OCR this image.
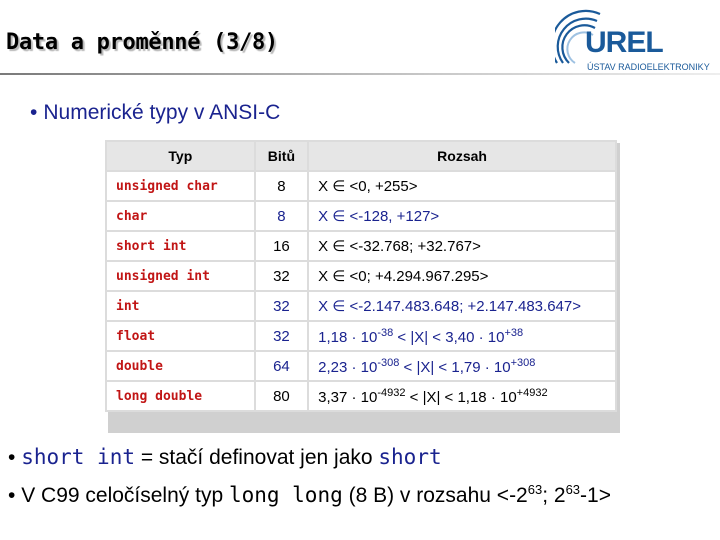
Data a proměnné (3/8)	UREL
ÚSTAV RADIOELEKTRONIKY
• Numerické typy v ANSI-C
Typ	Bitů	Rozsah
unsigned char	8	X ∈ <0, +255>
char	8	X ∈ <-128, +127>
short int	16	X ∈ <-32.768; +32.767>
unsigned int	32	X ∈ <0; +4.294.967.295>
int	32	X ∈ <-2.147.483.648; +2.147.483.647>
float	32	$1,18 \cdot 10^{-38} < |X| < 3,40 \cdot 10^{+38}$
double	64	$2,23 \cdot 10^{-308} < |X| < 1,79 \cdot 10^{+308}$
long double	80	$3,37 \cdot 10^{-4932} < |X| < 1,18 \cdot 10^{+4932}$
• short int = stačí definovat jen jako short
• V C99 celočíselný typ long long (8 B) v rozsahu $<-2^{63}$; $2^{63}-1>$
